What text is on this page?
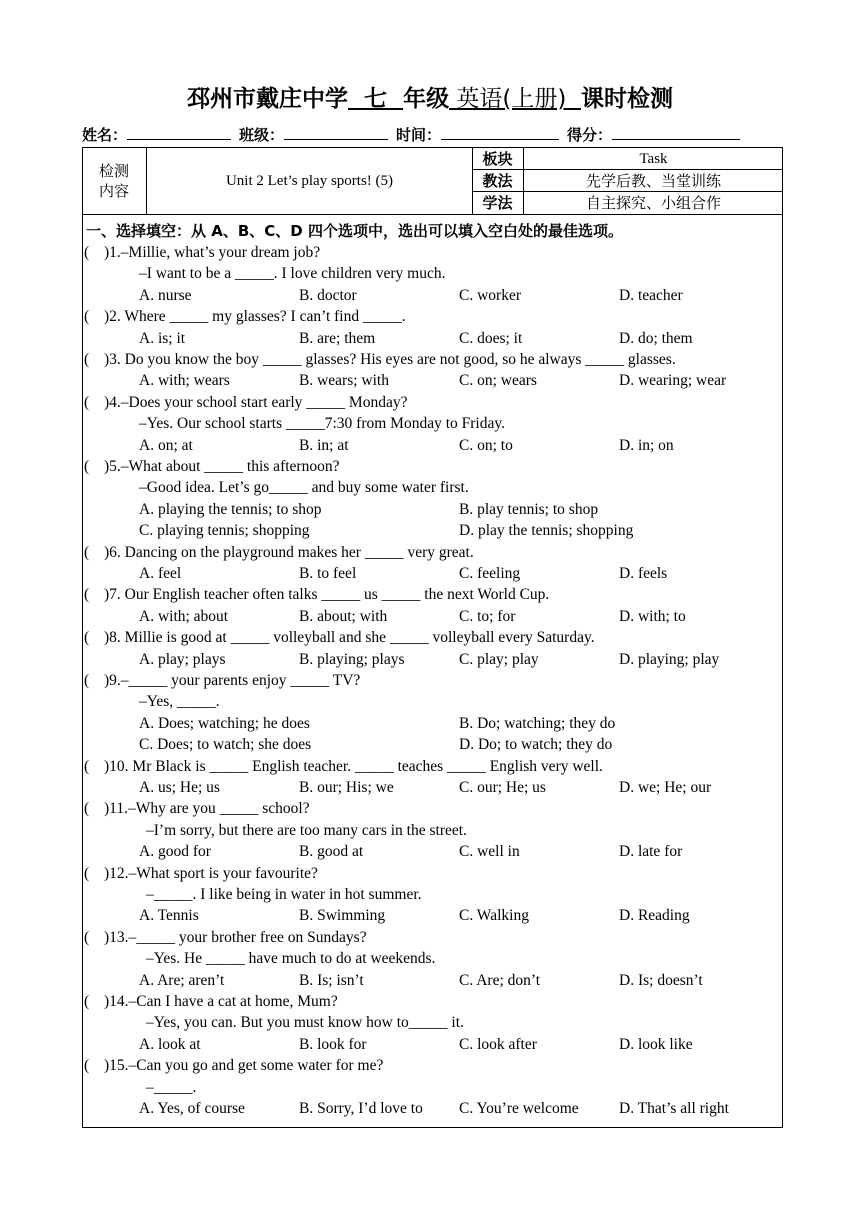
邳州市戴庄中学 七 年级 英语(上册) 课时检测
姓名：	班级：	时间：	得分：
检测
内容
Unit 2 Let’s play sports! (5)
板块	Task
教法	先学后教、当堂训练
学法	自主探究、小组合作
一、选择填空：从 A、B、C、D 四个选项中，选出可以填入空白处的最佳选项。
( )1.–Millie, what’s your dream job?
–I want to be a _____. I love children very much.
A. nurse	B. doctor	C. worker	D. teacher
( )2. Where _____ my glasses? I can’t find _____.
A. is; it	B. are; them	C. does; it	D. do; them
( )3. Do you know the boy _____ glasses? His eyes are not good, so he always _____ glasses.
A. with; wears	B. wears; with	C. on; wears	D. wearing; wear
( )4.–Does your school start early _____ Monday?
–Yes. Our school starts _____7:30 from Monday to Friday.
A. on; at	B. in; at	C. on; to	D. in; on
( )5.–What about _____ this afternoon?
–Good idea. Let’s go_____ and buy some water first.
A. playing the tennis; to shop	B. play tennis; to shop
C. playing tennis; shopping	D. play the tennis; shopping
( )6. Dancing on the playground makes her _____ very great.
A. feel	B. to feel	C. feeling	D. feels
( )7. Our English teacher often talks _____ us _____ the next World Cup.
A. with; about	B. about; with	C. to; for	D. with; to
( )8. Millie is good at _____ volleyball and she _____ volleyball every Saturday.
A. play; plays	B. playing; plays	C. play; play	D. playing; play
( )9.–_____ your parents enjoy _____ TV?
–Yes, _____.
A. Does; watching; he does	B. Do; watching; they do
C. Does; to watch; she does	D. Do; to watch; they do
( )10. Mr Black is _____ English teacher. _____ teaches _____ English very well.
A. us; He; us	B. our; His; we	C. our; He; us	D. we; He; our
( )11.–Why are you _____ school?
–I’m sorry, but there are too many cars in the street.
A. good for	B. good at	C. well in	D. late for
( )12.–What sport is your favourite?
–_____. I like being in water in hot summer.
A. Tennis	B. Swimming	C. Walking	D. Reading
( )13.–_____ your brother free on Sundays?
–Yes. He _____ have much to do at weekends.
A. Are; aren’t	B. Is; isn’t	C. Are; don’t	D. Is; doesn’t
( )14.–Can I have a cat at home, Mum?
–Yes, you can. But you must know how to_____ it.
A. look at	B. look for	C. look after	D. look like
( )15.–Can you go and get some water for me?
–_____.
A. Yes, of course	B. Sorry, I’d love to C. You’re welcome	D. That’s all right
